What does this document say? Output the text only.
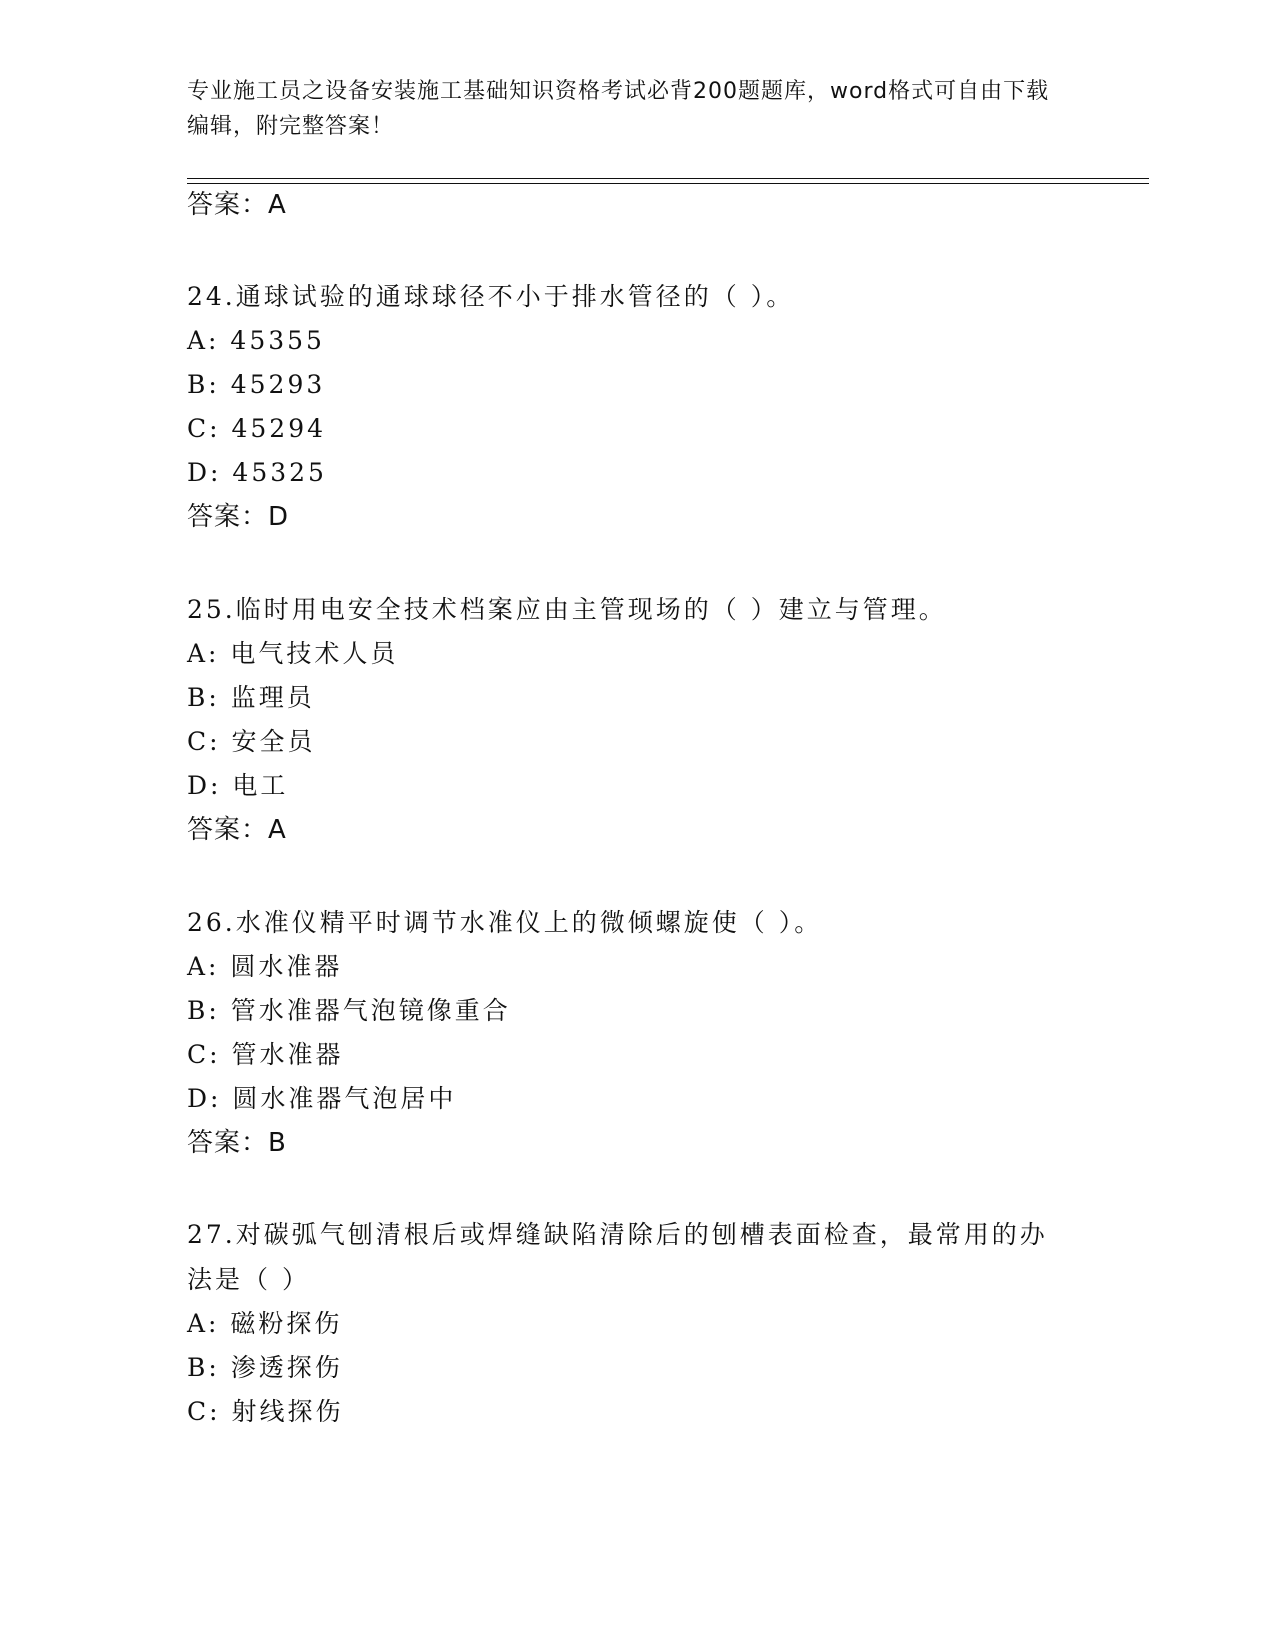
专业施工员之设备安装施工基础知识资格考试必背200题题库，word格式可自由下载编辑，附完整答案！
答案：A
24.通球试验的通球球径不小于排水管径的（ ）。
A: 45355
B: 45293
C: 45294
D: 45325
答案：D
25.临时用电安全技术档案应由主管现场的（ ）建立与管理。
A: 电气技术人员
B: 监理员
C: 安全员
D: 电工
答案：A
26.水准仪精平时调节水准仪上的微倾螺旋使（ ）。
A: 圆水准器
B: 管水准器气泡镜像重合
C: 管水准器
D: 圆水准器气泡居中
答案：B
27.对碳弧气刨清根后或焊缝缺陷清除后的刨槽表面检查，最常用的办法是（ ）
A: 磁粉探伤
B: 渗透探伤
C: 射线探伤
